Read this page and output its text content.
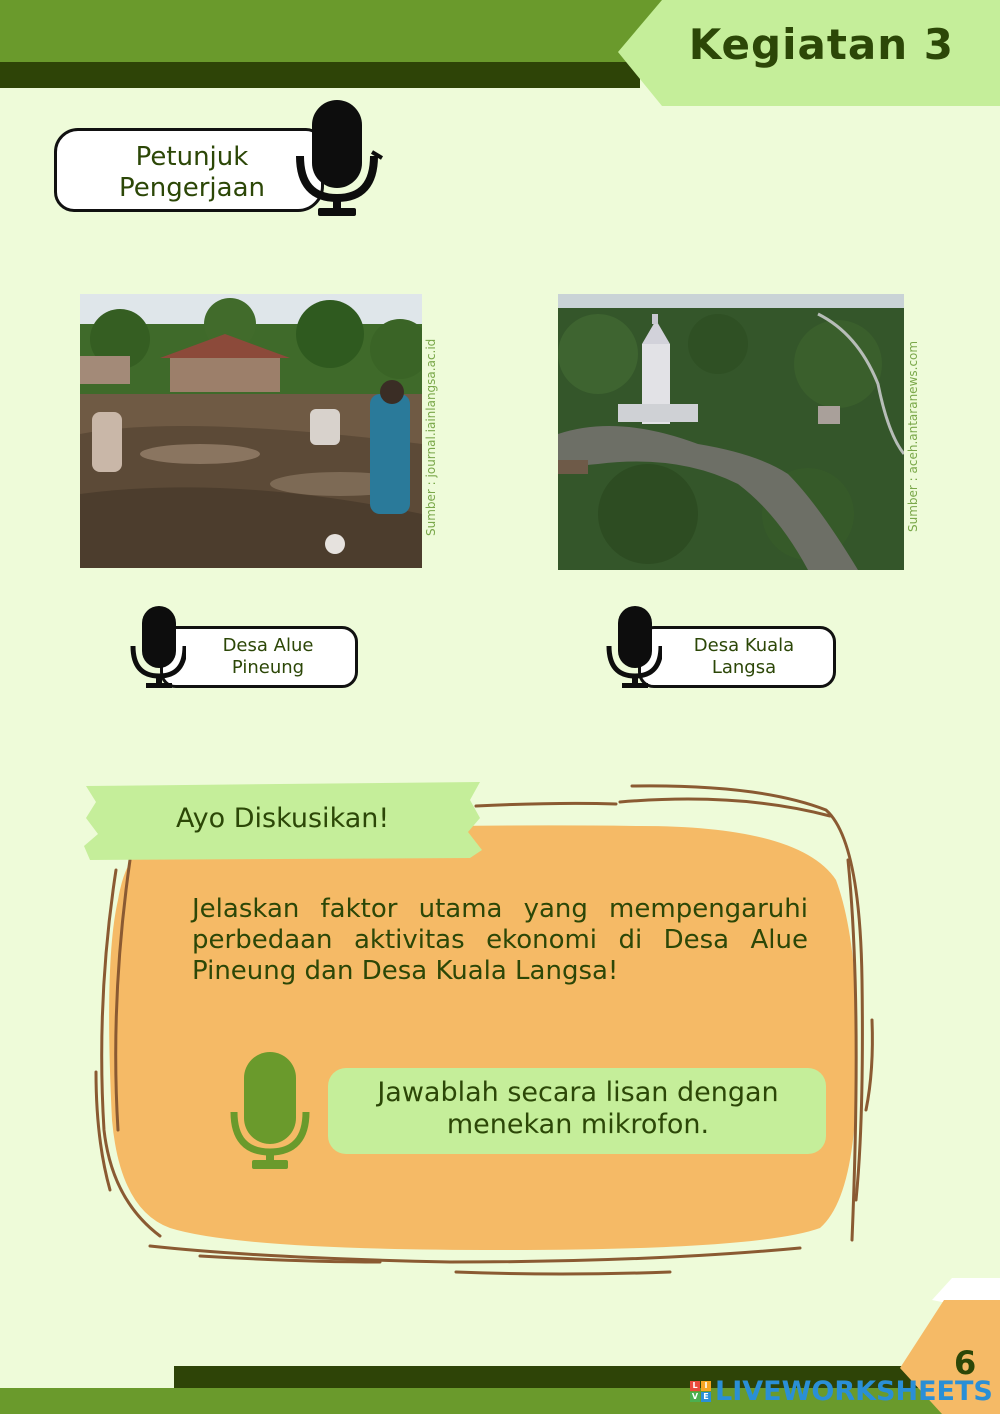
Kegiatan 3
Petunjuk Pengerjaan
Sumber : journal.iainlangsa.ac.id	Sumber : aceh.antaranews.com
Desa Alue Pineung
Desa Kuala Langsa
Ayo Diskusikan!
Jelaskan faktor utama yang mempengaruhi perbedaan aktivitas ekonomi di Desa Alue Pineung dan Desa Kuala Langsa!
Jawablah secara lisan dengan menekan mikrofon.
6
L I
V E LIVEWORKSHEETS
